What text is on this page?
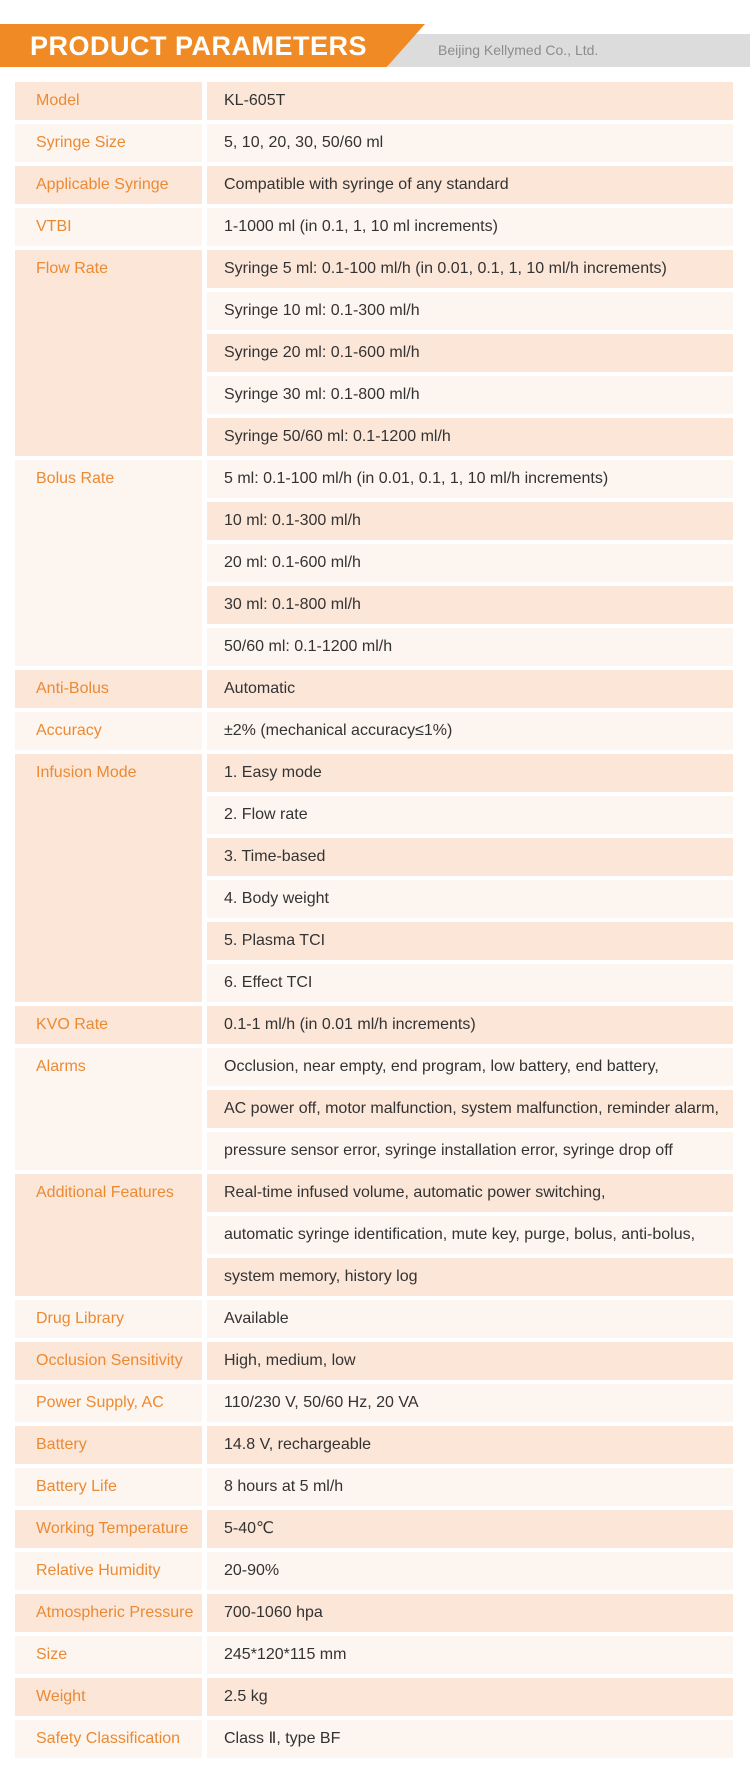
PRODUCT PARAMETERS	Beijing Kellymed Co., Ltd.
Model	KL-605T
Syringe Size	5, 10, 20, 30, 50/60 ml
Applicable Syringe	Compatible with syringe of any standard
VTBI	1-1000 ml (in 0.1, 1, 10 ml increments)
Flow Rate	Syringe 5 ml: 0.1-100 ml/h (in 0.01, 0.1, 1, 10 ml/h increments)
Syringe 10 ml: 0.1-300 ml/h
Syringe 20 ml: 0.1-600 ml/h
Syringe 30 ml: 0.1-800 ml/h
Syringe 50/60 ml: 0.1-1200 ml/h
Bolus Rate	5 ml: 0.1-100 ml/h (in 0.01, 0.1, 1, 10 ml/h increments)
10 ml: 0.1-300 ml/h
20 ml: 0.1-600 ml/h
30 ml: 0.1-800 ml/h
50/60 ml: 0.1-1200 ml/h
Anti-Bolus	Automatic
Accuracy	±2% (mechanical accuracy≤1%)
Infusion Mode	1. Easy mode
2. Flow rate
3. Time-based
4. Body weight
5. Plasma TCI
6. Effect TCI
KVO Rate	0.1-1 ml/h (in 0.01 ml/h increments)
Alarms	Occlusion, near empty, end program, low battery, end battery,
AC power off, motor malfunction, system malfunction, reminder alarm,
pressure sensor error, syringe installation error, syringe drop off
Additional Features	Real-time infused volume, automatic power switching,
automatic syringe identification, mute key, purge, bolus, anti-bolus,
system memory, history log
Drug Library	Available
Occlusion Sensitivity	High, medium, low
Power Supply, AC	110/230 V, 50/60 Hz, 20 VA
Battery	14.8 V, rechargeable
Battery Life	8 hours at 5 ml/h
Working Temperature	5-40℃
Relative Humidity	20-90%
Atmospheric Pressure	700-1060 hpa
Size	245*120*115 mm
Weight	2.5 kg
Safety Classification	Class Ⅱ, type BF
